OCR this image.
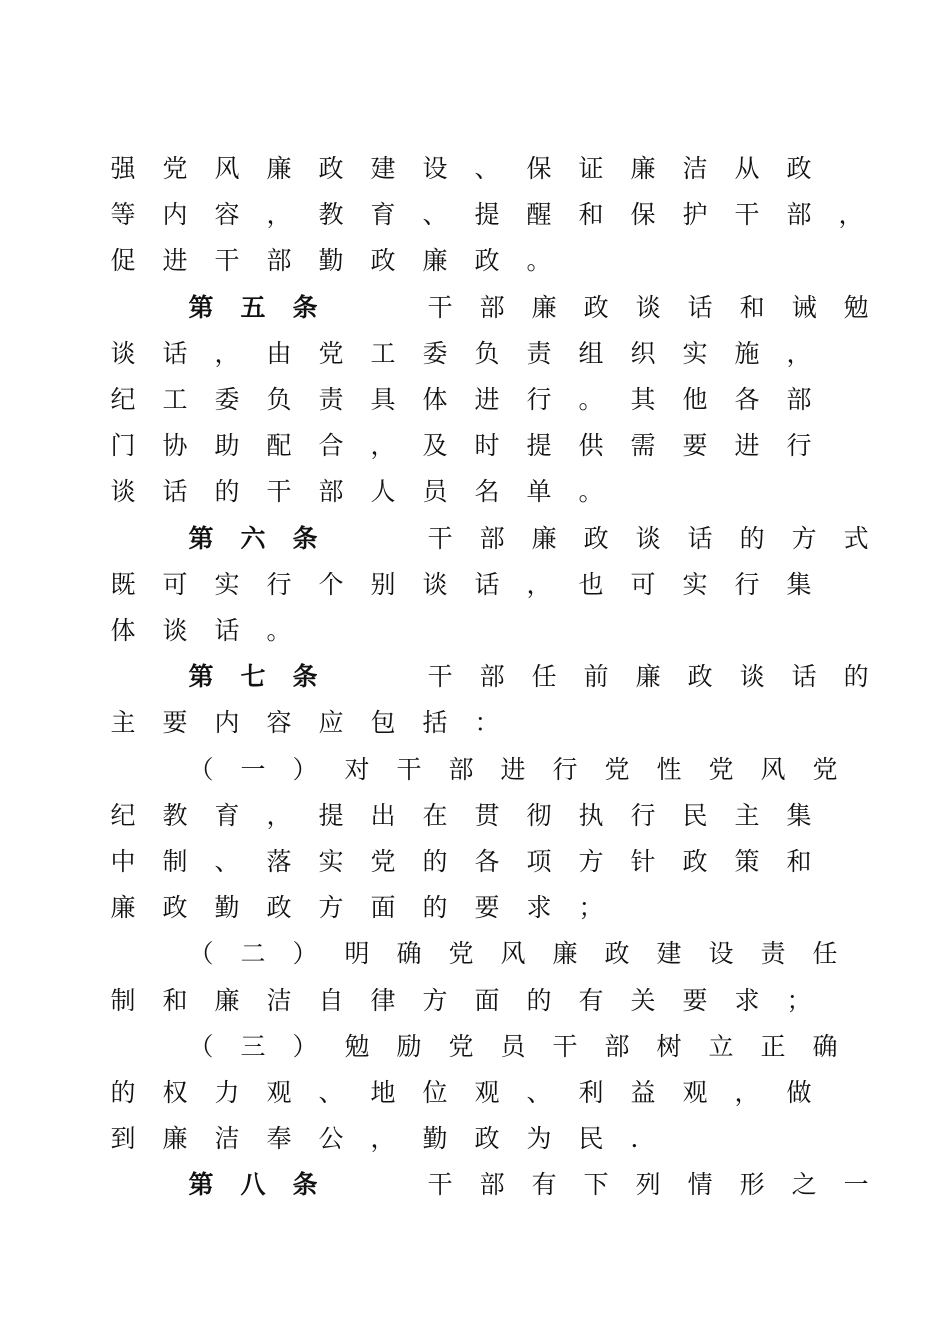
强 党 风 廉 政 建 设 、 保 证 廉 洁 从 政
等 内 容 ， 教 育 、 提 醒 和 保 护 干 部 ，
促 进 干 部 勤 政 廉 政 。
第 五 条	干 部 廉 政 谈 话 和 诫 勉
谈 话 ， 由 党 工 委 负 责 组 织 实 施 ，
纪 工 委 负 责 具 体 进 行 。 其 他 各 部
门 协 助 配 合 ， 及 时 提 供 需 要 进 行
谈 话 的 干 部 人 员 名 单 。
第 六 条	干 部 廉 政 谈 话 的 方 式
既 可 实 行 个 别 谈 话 ， 也 可 实 行 集
体 谈 话 。
第 七 条	干 部 任 前 廉 政 谈 话 的
主 要 内 容 应 包 括 ：
（ 一 ） 对 干 部 进 行 党 性 党 风 党
纪 教 育 ， 提 出 在 贯 彻 执 行 民 主 集
中 制 、 落 实 党 的 各 项 方 针 政 策 和
廉 政 勤 政 方 面 的 要 求 ；
（ 二 ） 明 确 党 风 廉 政 建 设 责 任
制 和 廉 洁 自 律 方 面 的 有 关 要 求 ；
（ 三 ） 勉 励 党 员 干 部 树 立 正 确
的 权 力 观 、 地 位 观 、 利 益 观 ， 做
到 廉 洁 奉 公 ， 勤 政 为 民 ．
第 八 条	干 部 有 下 列 情 形 之 一
